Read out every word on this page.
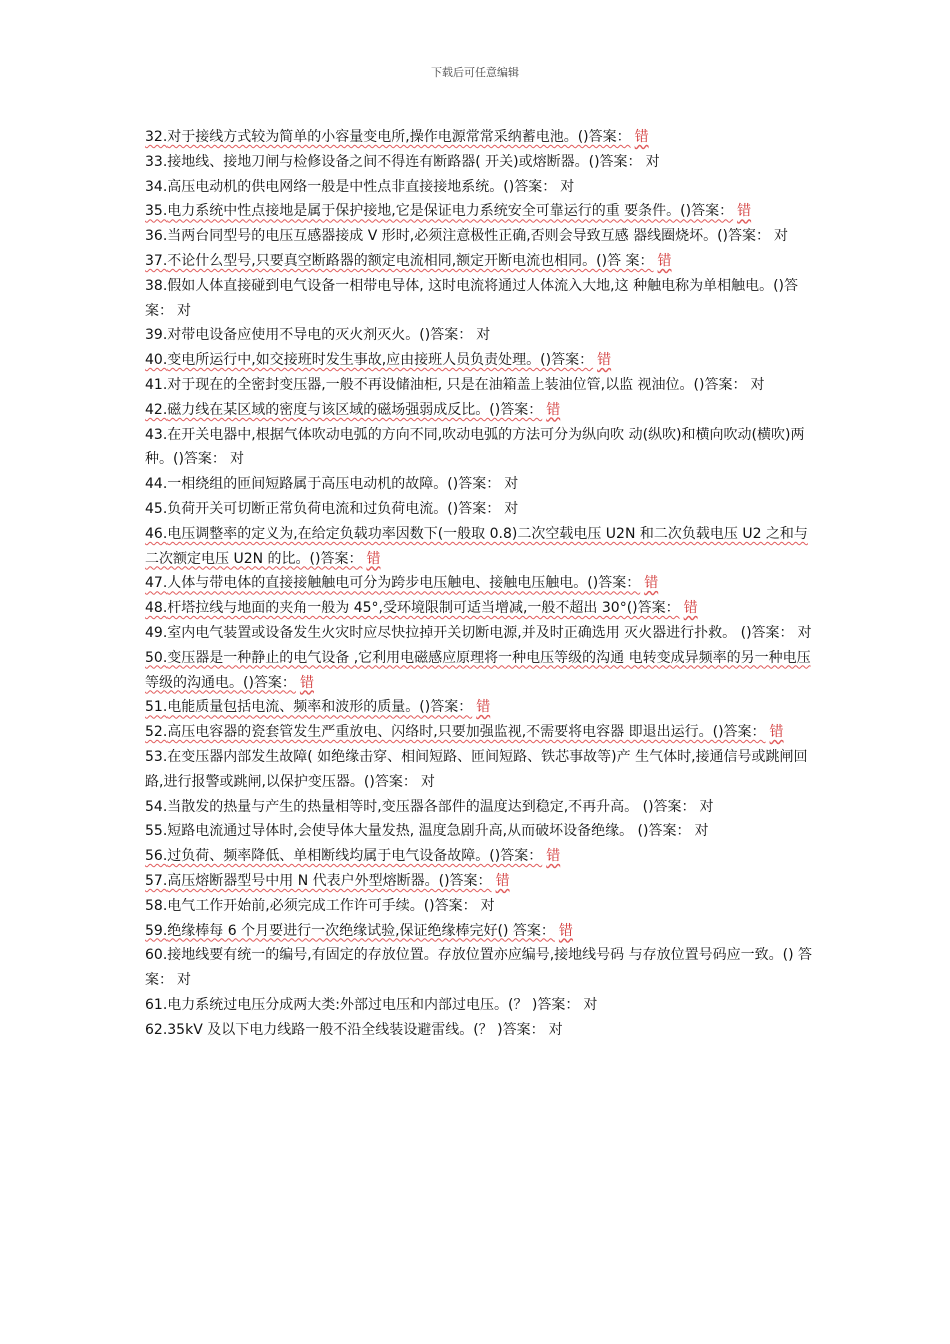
下载后可任意编辑

32.对于接线方式较为简单的小容量变电所,操作电源常常采纳蓄电池。()答案： 错

33.接地线、接地刀闸与检修设备之间不得连有断路器( 开关)或熔断器。()答案： 对

34.高压电动机的供电网络一般是中性点非直接接地系统。()答案： 对

35.电力系统中性点接地是属于保护接地,它是保证电力系统安全可靠运行的重 要条件。()答案： 错

36.当两台同型号的电压互感器接成 V 形时,必须注意极性正确,否则会导致互感 器线圈烧坏。()答案： 对

37.不论什么型号,只要真空断路器的额定电流相同,额定开断电流也相同。()答 案： 错

38.假如人体直接碰到电气设备一相带电导体, 这时电流将通过人体流入大地,这 种触电称为单相触电。()答案： 对

39.对带电设备应使用不导电的灭火剂灭火。()答案： 对

40.变电所运行中,如交接班时发生事故,应由接班人员负责处理。()答案： 错

41.对于现在的全密封变压器,一般不再设储油柜, 只是在油箱盖上装油位管,以监 视油位。()答案： 对

42.磁力线在某区域的密度与该区域的磁场强弱成反比。()答案： 错

43.在开关电器中,根据气体吹动电弧的方向不同,吹动电弧的方法可分为纵向吹 动(纵吹)和横向吹动(横吹)两种。()答案： 对

44.一相绕组的匝间短路属于高压电动机的故障。()答案： 对

45.负荷开关可切断正常负荷电流和过负荷电流。()答案： 对

46.电压调整率的定义为,在给定负载功率因数下(一般取 0.8)二次空载电压 U2N 和二次负载电压 U2 之和与二次额定电压 U2N 的比。()答案： 错

47.人体与带电体的直接接触触电可分为跨步电压触电、接触电压触电。()答案： 错

48.杆塔拉线与地面的夹角一般为 45°,受环境限制可适当增减,一般不超出 30°()答案： 错

49.室内电气装置或设备发生火灾时应尽快拉掉开关切断电源,并及时正确选用 灭火器进行扑救。 ()答案： 对

50.变压器是一种静止的电气设备 ,它利用电磁感应原理将一种电压等级的沟通 电转变成异频率的另一种电压等级的沟通电。()答案： 错

51.电能质量包括电流、频率和波形的质量。()答案： 错

52.高压电容器的瓷套管发生严重放电、闪络时,只要加强监视,不需要将电容器 即退出运行。()答案： 错

53.在变压器内部发生故障( 如绝缘击穿、相间短路、匝间短路、铁芯事故等)产 生气体时,接通信号或跳闸回路,进行报警或跳闸,以保护变压器。()答案： 对

54.当散发的热量与产生的热量相等时,变压器各部件的温度达到稳定,不再升高。 ()答案： 对

55.短路电流通过导体时,会使导体大量发热, 温度急剧升高,从而破坏设备绝缘。 ()答案： 对

56.过负荷、频率降低、单相断线均属于电气设备故障。()答案： 错

57.高压熔断器型号中用 N 代表户外型熔断器。()答案： 错

58.电气工作开始前,必须完成工作许可手续。()答案： 对

59.绝缘棒每 6 个月要进行一次绝缘试验,保证绝缘棒完好() 答案： 错

60.接地线要有统一的编号,有固定的存放位置。存放位置亦应编号,接地线号码 与存放位置号码应一致。() 答案： 对

61.电力系统过电压分成两大类:外部过电压和内部过电压。(？ )答案： 对

62.35kV 及以下电力线路一般不沿全线装设避雷线。(？ )答案： 对
